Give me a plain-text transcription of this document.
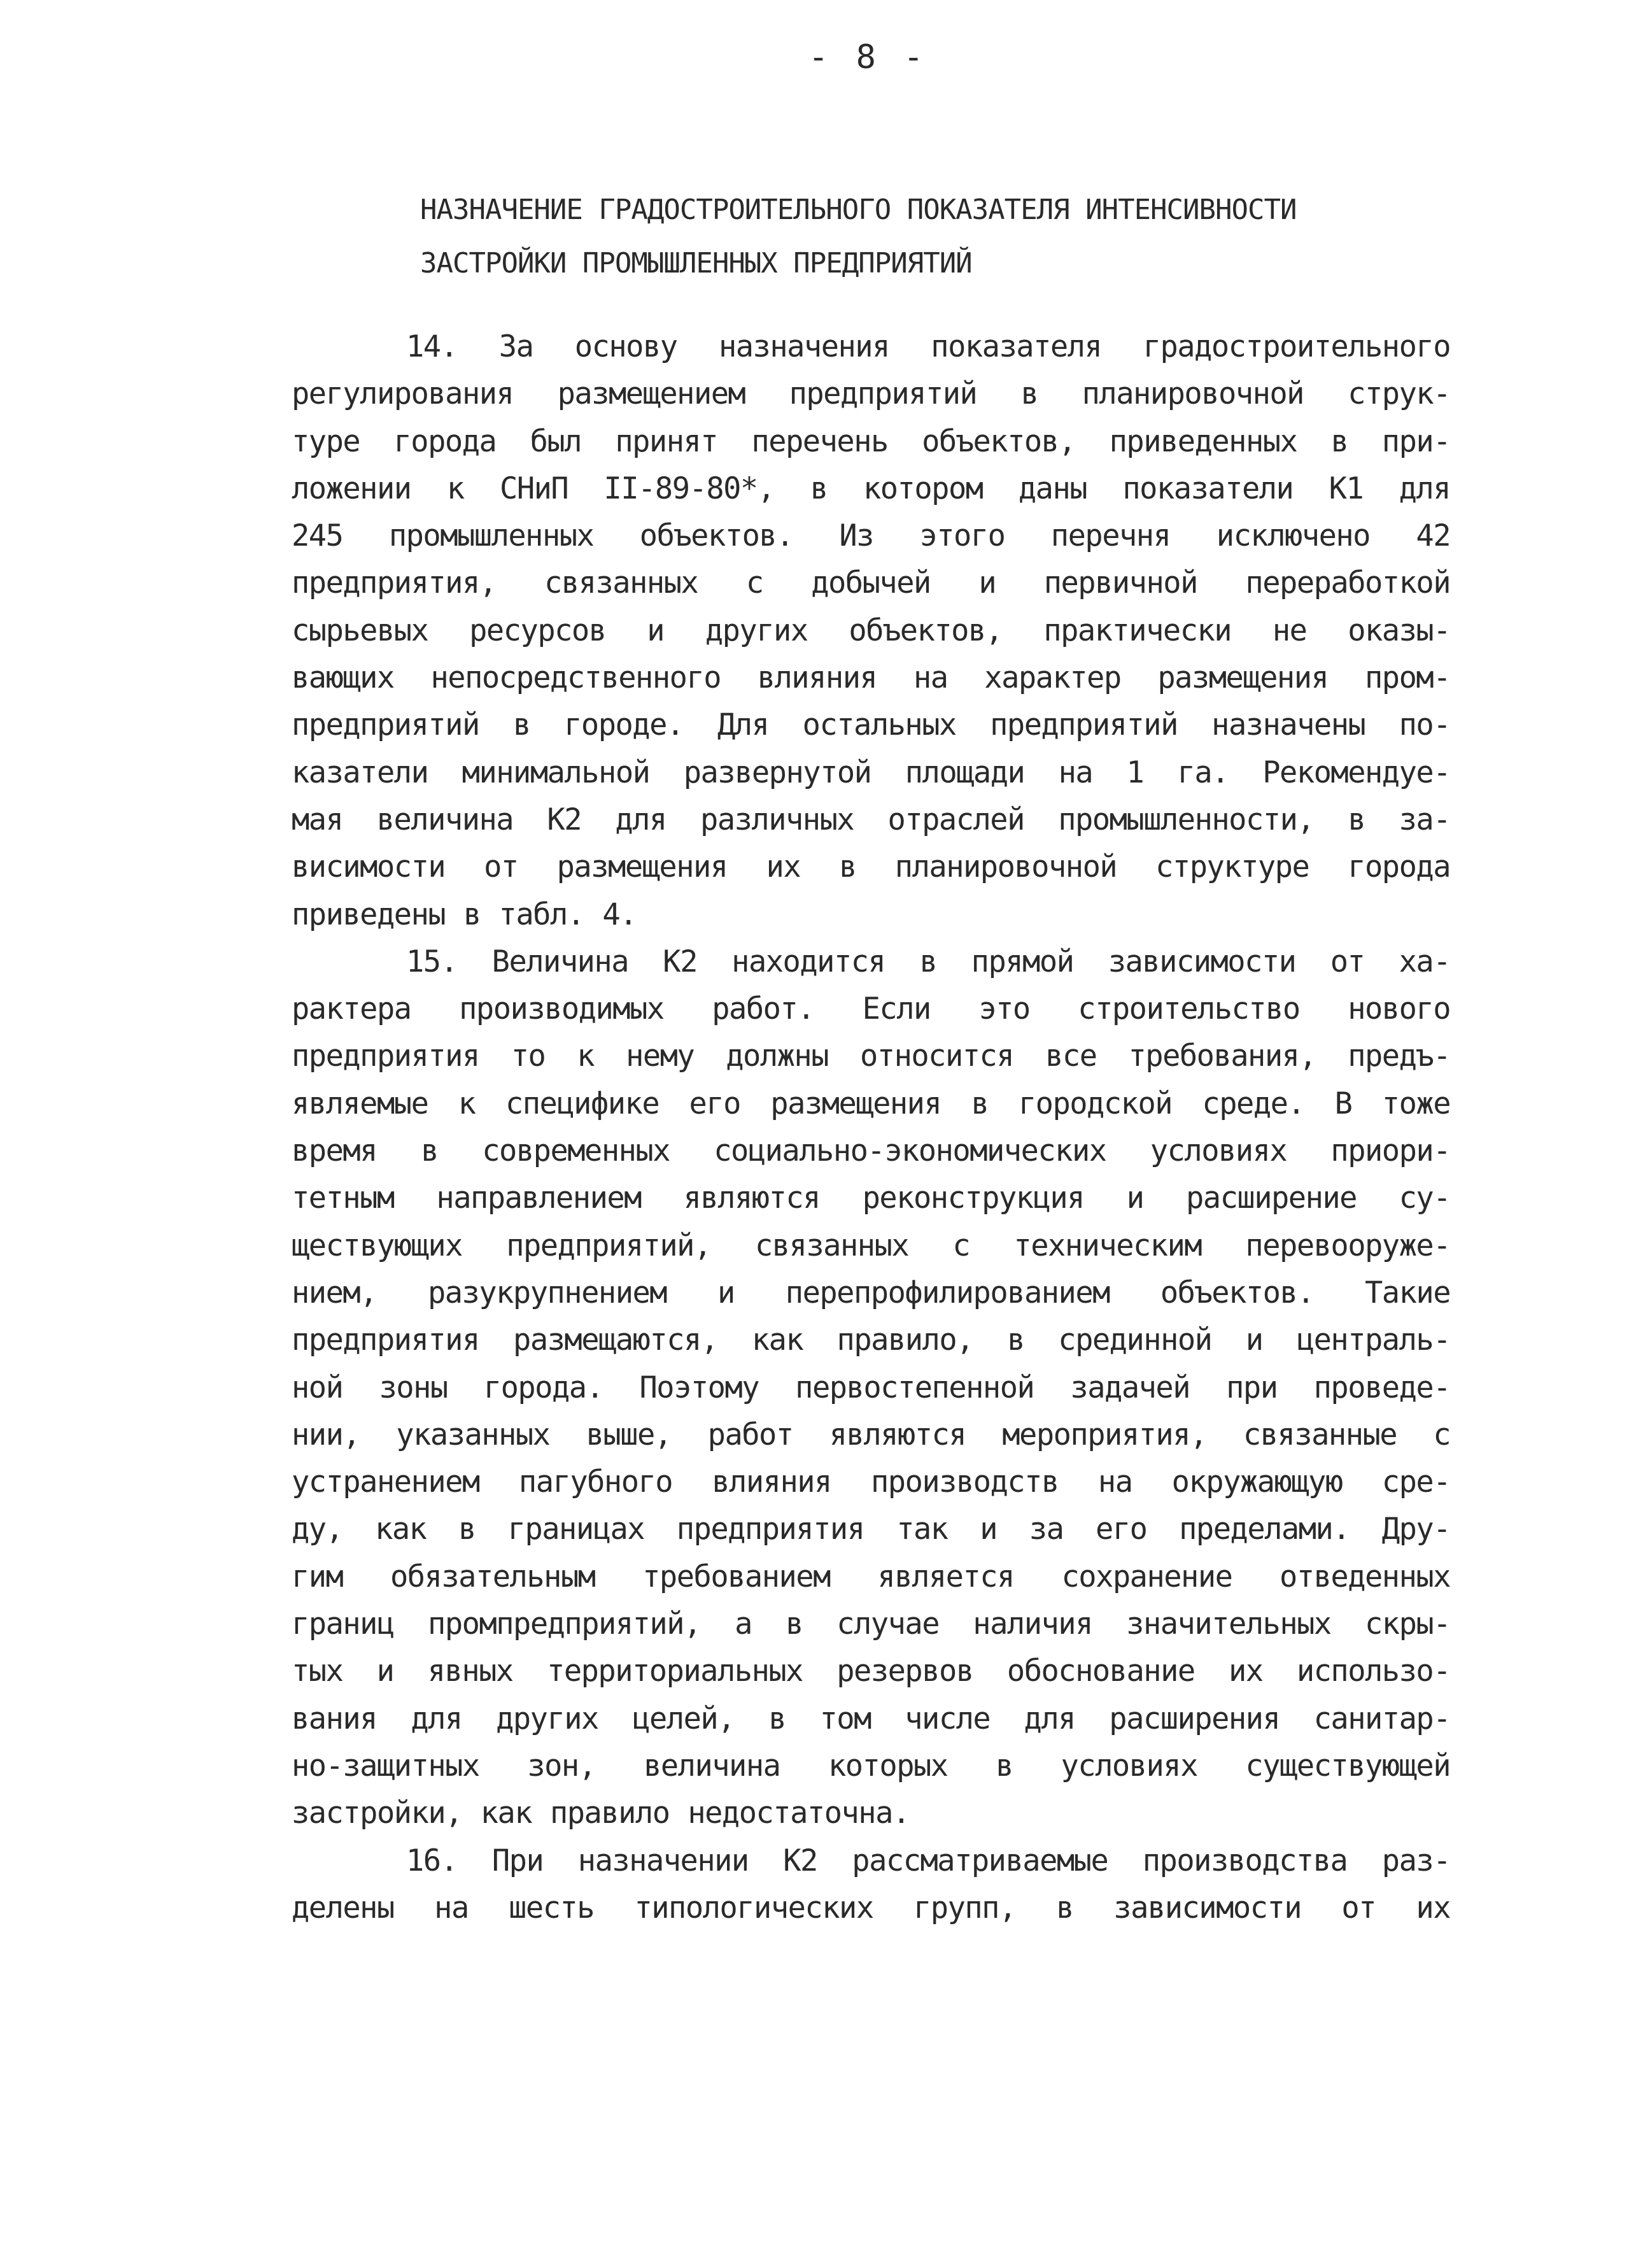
- 8 -
НАЗНАЧЕНИЕ ГРАДОСТРОИТЕЛЬНОГО ПОКАЗАТЕЛЯ ИНТЕНСИВНОСТИ
ЗАСТРОЙКИ ПРОМЫШЛЕННЫХ ПРЕДПРИЯТИЙ
14. За основу назначения показателя градостроительного
регулирования размещением предприятий в планировочной струк-
туре города был принят перечень объектов, приведенных в при-
ложении к СНиП II-89-80*, в котором даны показатели К1 для
245 промышленных объектов. Из этого перечня исключено 42
предприятия, связанных с добычей и первичной переработкой
сырьевых ресурсов и других объектов, практически не оказы-
вающих непосредственного влияния на характер размещения пром-
предприятий в городе. Для остальных предприятий назначены по-
казатели минимальной развернутой площади на 1 га. Рекомендуе-
мая величина К2 для различных отраслей промышленности, в за-
висимости от размещения их в планировочной структуре города
приведены в табл. 4.
15. Величина К2 находится в прямой зависимости от ха-
рактера производимых работ. Если это строительство нового
предприятия то к нему должны относится все требования, предъ-
являемые к специфике его размещения в городской среде. В тоже
время в современных социально-экономических условиях приори-
тетным направлением являются реконструкция и расширение су-
ществующих предприятий, связанных с техническим перевооруже-
нием, разукрупнением и перепрофилированием объектов. Такие
предприятия размещаются, как правило, в срединной и централь-
ной зоны города. Поэтому первостепенной задачей при проведе-
нии, указанных выше, работ являются мероприятия, связанные с
устранением пагубного влияния производств на окружающую сре-
ду, как в границах предприятия так и за его пределами. Дру-
гим обязательным требованием является сохранение отведенных
границ промпредприятий, а в случае наличия значительных скры-
тых и явных территориальных резервов обоснование их использо-
вания для других целей, в том числе для расширения санитар-
но-защитных зон, величина которых в условиях существующей
застройки, как правило недостаточна.
16. При назначении К2 рассматриваемые производства раз-
делены на шесть типологических групп, в зависимости от их
